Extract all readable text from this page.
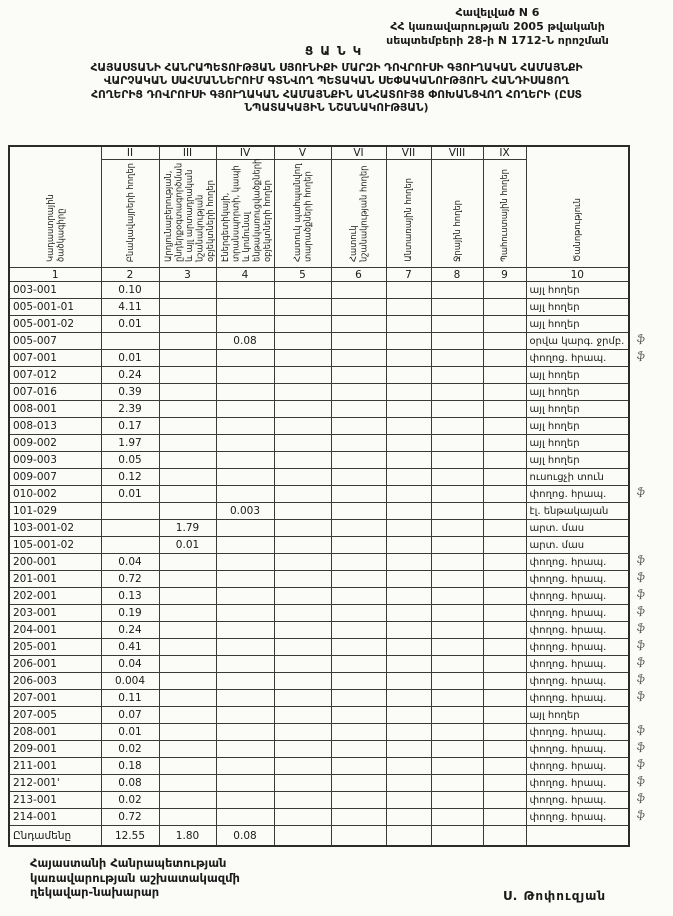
Հավելված N 6
ՀՀ կառավարության 2005 թվականի
սեպտեմբերի 28-ի N 1712-Ն որոշման
ՑԱՆԿ
ՀԱՅԱՍՏԱՆԻ ՀԱՆՐԱՊԵՏՈՒԹՅԱՆ ՍՅՈՒՆԻՔԻ ՄԱՐԶԻ ԴՈՎՐՈՒՍԻ ԳՅՈՒՂԱԿԱՆ ՀԱՄԱՅՆՔԻ
ՎԱՐՉԱԿԱՆ ՍԱՀՄԱՆՆԵՐՈՒՄ ԳՏՆՎՈՂ ՊԵՏԱԿԱՆ ՍԵՓԱԿԱՆՈՒԹՅՈՒՆ ՀԱՆԴԻՍԱՑՈՂ
ՀՈՂԵՐԻՑ ԴՈՎՐՈՒՍԻ ԳՅՈՒՂԱԿԱՆ ՀԱՄԱՅՆՔԻՆ ԱՆՀԱՏՈՒՅՑ ՓՈԽԱՆՑՎՈՂ ՀՈՂԵՐԻ (ԸՍՏ
ՆՊԱՏԱԿԱՅԻՆ ՆՇԱՆԱԿՈՒԹՅԱՆ)
Կադաստրային ծածկագիրը	II	III	IV	V	VI	VII	VIII	IX	Ծանոթություն
	Բնակավայրերի հողեր	Արդյունաբերության, ընդերքօգտագործման և այլ արտադրական նշանակության օբյեկտների հողեր	Էներգետիկայի, տրանսպորտի, կապի և կոմունալ ենթակառուցվածքների օբյեկտների հողեր	Հատուկ պահպանվող տարածքների հողեր	Հատուկ նշանակության հողեր	Անտառային հողեր	Ջրային հողեր	Պահուստային հողեր	
1	2	3	4	5	6	7	8	9	10
003-001	0.10								այլ հողեր
005-001-01	4.11								այլ հողեր
005-001-02	0.01								այլ հողեր
005-007			0.08						օրվա կարգ. ջրմբ. ֆ

007-001	0.01								փողոց. հրապ. ֆ

007-012	0.24								այլ հողեր
007-016	0.39								այլ հողեր
008-001	2.39								այլ հողեր
008-013	0.17								այլ հողեր
009-002	1.97								այլ հողեր
009-003	0.05								այլ հողեր
009-007	0.12								ուսուցչի տուն
010-002	0.01								փողոց. հրապ. ֆ

101-029			0.003						էլ. ենթակայան
103-001-02		1.79							արտ. մաս
105-001-02		0.01							արտ. մաս
200-001	0.04								փողոց. հրապ. ֆ

201-001	0.72								փողոց. հրապ. ֆ

202-001	0.13								փողոց. հրապ. ֆ

203-001	0.19								փողոց. հրապ. ֆ

204-001	0.24								փողոց. հրապ. ֆ

205-001	0.41								փողոց. հրապ. ֆ

206-001	0.04								փողոց. հրապ. ֆ

206-003	0.004								փողոց. հրապ. ֆ

207-001	0.11								փողոց. հրապ. ֆ

207-005	0.07								այլ հողեր
208-001	0.01								փողոց. հրապ. ֆ

209-001	0.02								փողոց. հրապ. ֆ

211-001	0.18								փողոց. հրապ. ֆ

212-001'	0.08								փողոց. հրապ. ֆ

213-001	0.02								փողոց. հրապ. ֆ

214-001	0.72								փողոց. հրապ. ֆ

Ընդամենը	12.55	1.80	0.08						
Հայաստանի Հանրապետության
կառավարության աշխատակազմի
ղեկավար-նախարար	Ս. Թոփուզյան
